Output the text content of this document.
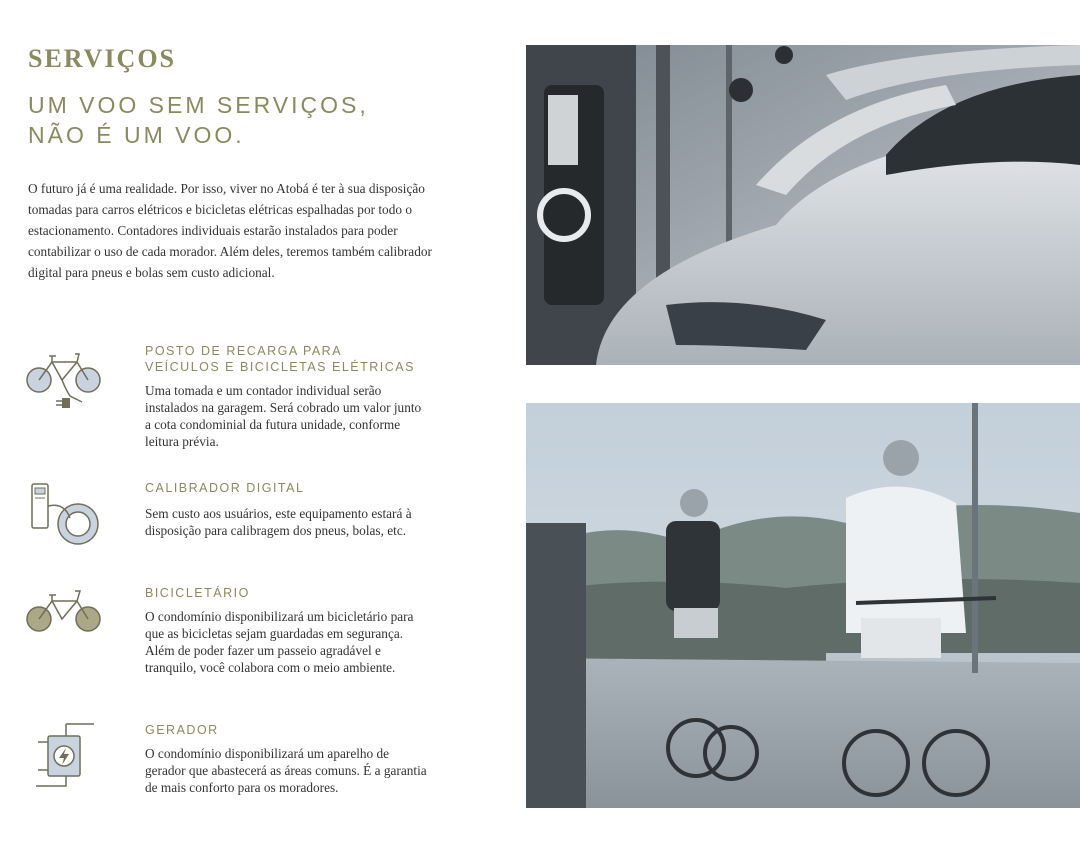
SERVIÇOS
UM VOO SEM SERVIÇOS,
NÃO É UM VOO.
O futuro já é uma realidade. Por isso, viver no Atobá é ter à sua disposição tomadas para carros elétricos e bicicletas elétricas espalhadas por todo o estacionamento. Contadores individuais estarão instalados para poder contabilizar o uso de cada morador. Além deles, teremos também calibrador digital para pneus e bolas sem custo adicional.
POSTO DE RECARGA PARA
VEÍCULOS E BICICLETAS ELÉTRICAS
Uma tomada e um contador individual serão instalados na garagem. Será cobrado um valor junto a cota condominial da futura unidade, conforme leitura prévia.
CALIBRADOR DIGITAL
Sem custo aos usuários, este equipamento estará à disposição para calibragem dos pneus, bolas, etc.
BICICLETÁRIO
O condomínio disponibilizará um bicicletário para que as bicicletas sejam guardadas em segurança. Além de poder fazer um passeio agradável e tranquilo, você colabora com o meio ambiente.
GERADOR
O condomínio disponibilizará um aparelho de gerador que abastecerá as áreas comuns. É a garantia de mais conforto para os moradores.
